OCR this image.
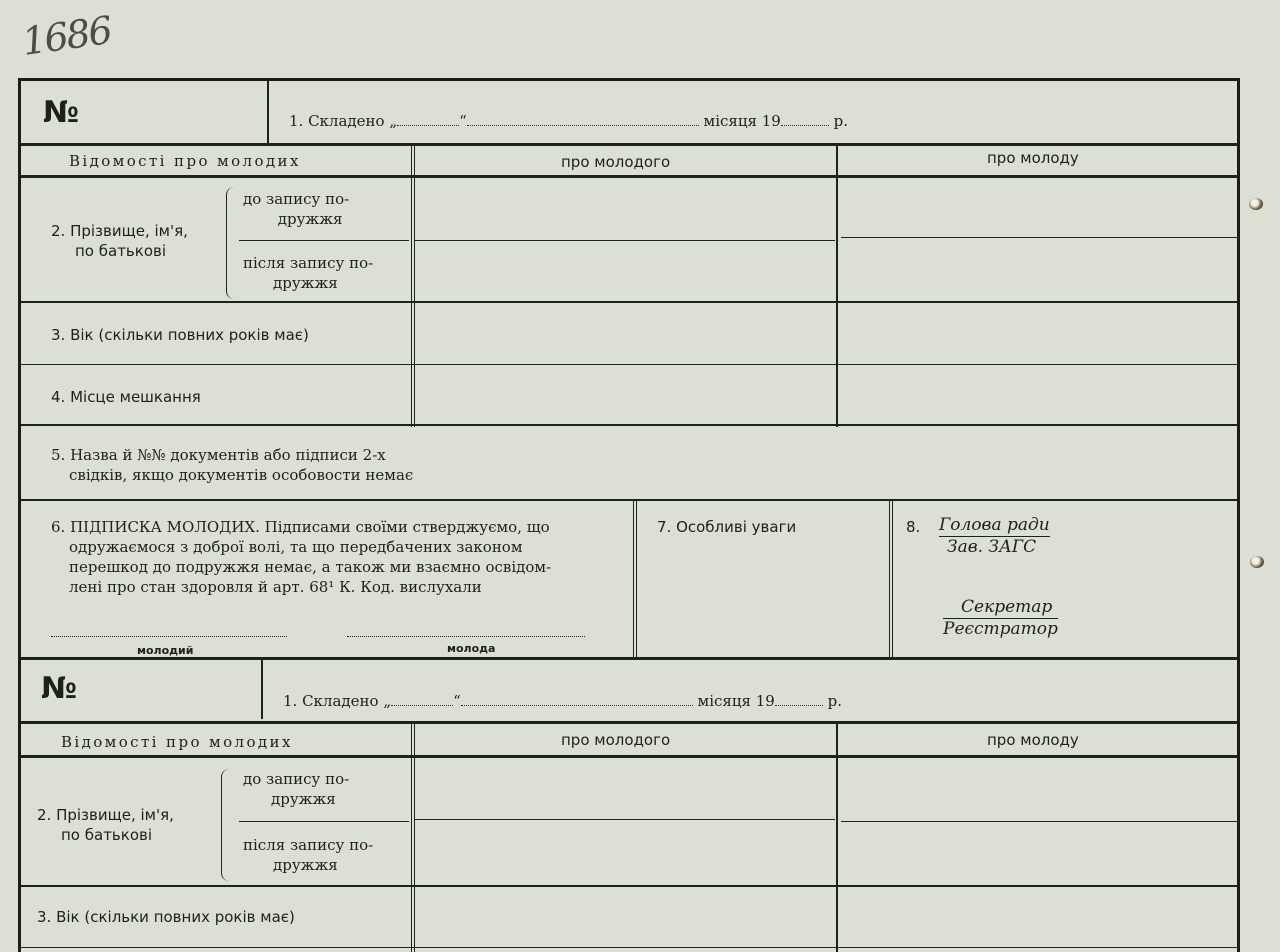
1686
№	1. Складено „	“	місяця 19	р.
Відомості про молодих	про молодого	про молоду
2. Прізвище, ім'я,
по батькові
до запису по-
дружжя
після запису по-
дружжя
3. Вік (скільки повних років має)
4. Місце мешкання
5. Назва й №№ документів або підписи 2-х
свідків, якщо документів особовости немає
6. ПІДПИСКА МОЛОДИХ. Підписами своїми стверджуємо, що
одружаємося з доброї волі, та що передбачених законом
перешкод до подружжя немає, а також ми взаємно освідом-
лені про стан здоровля й арт. 68¹ К. Код. вислухали
молодий	молода
7. Особливі уваги	8. Голова ради
Зав. ЗАГС
Секретар
Реєстратор
№	1. Складено „	“	місяця 19	р.
Відомості про молодих	про молодого	про молоду
2. Прізвище, ім'я,
по батькові
до запису по-
дружжя
після запису по-
дружжя
3. Вік (скільки повних років має)
